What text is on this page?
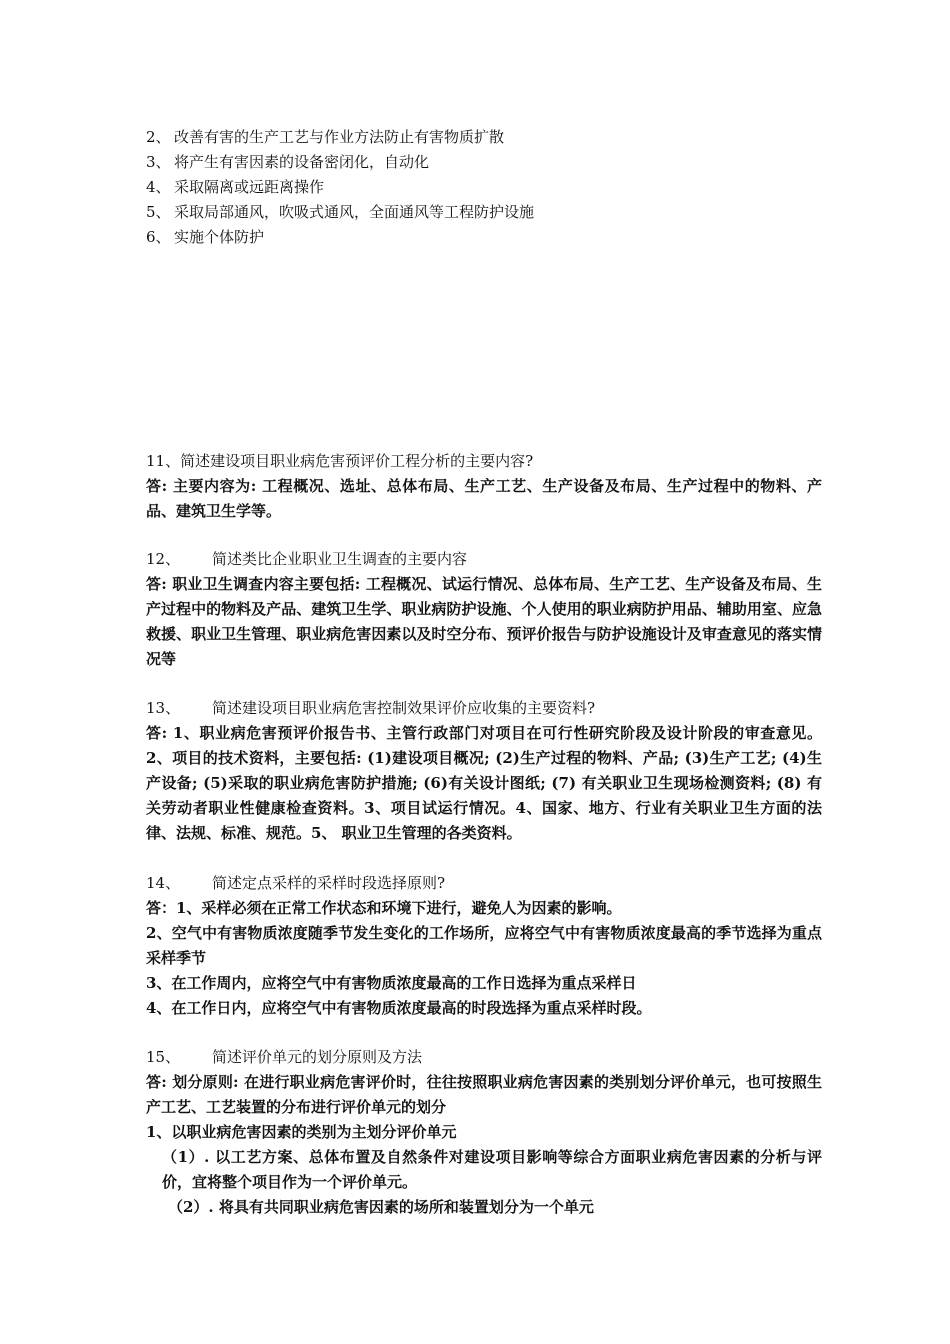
2、 改善有害的生产工艺与作业方法防止有害物质扩散
3、 将产生有害因素的设备密闭化，自动化
4、 采取隔离或远距离操作
5、 采取局部通风，吹吸式通风，全面通风等工程防护设施
6、 实施个体防护
11、简述建设项目职业病危害预评价工程分析的主要内容?
答: 主要内容为: 工程概况、选址、总体布局、生产工艺、生产设备及布局、生产过程中的物料、产品、建筑卫生学等。
12、 简述类比企业职业卫生调查的主要内容
答: 职业卫生调查内容主要包括: 工程概况、试运行情况、总体布局、生产工艺、生产设备及布局、生产过程中的物料及产品、建筑卫生学、职业病防护设施、个人使用的职业病防护用品、辅助用室、应急救援、职业卫生管理、职业病危害因素以及时空分布、预评价报告与防护设施设计及审查意见的落实情况等
13、 简述建设项目职业病危害控制效果评价应收集的主要资料?
答: 1、职业病危害预评价报告书、主管行政部门对项目在可行性研究阶段及设计阶段的审查意见。2、项目的技术资料，主要包括: (1)建设项目概况; (2)生产过程的物料、产品; (3)生产工艺; (4)生产设备; (5)采取的职业病危害防护措施; (6)有关设计图纸; (7) 有关职业卫生现场检测资料; (8) 有关劳动者职业性健康检查资料。3、项目试运行情况。4、国家、地方、行业有关职业卫生方面的法律、法规、标准、规范。5、 职业卫生管理的各类资料。
14、 简述定点采样的采样时段选择原则?

答：1、采样必须在正常工作状态和环境下进行，避免人为因素的影响。

2、空气中有害物质浓度随季节发生变化的工作场所，应将空气中有害物质浓度最高的季节选择为重点采样季节

3、在工作周内，应将空气中有害物质浓度最高的工作日选择为重点采样日

4、在工作日内，应将空气中有害物质浓度最高的时段选择为重点采样时段。

15、 简述评价单元的划分原则及方法

答: 划分原则: 在进行职业病危害评价时，往往按照职业病危害因素的类别划分评价单元，也可按照生产工艺、工艺装置的分布进行评价单元的划分

1、以职业病危害因素的类别为主划分评价单元

（1）. 以工艺方案、总体布置及自然条件对建设项目影响等综合方面职业病危害因素的分析与评价，宜将整个项目作为一个评价单元。

（2）. 将具有共同职业病危害因素的场所和装置划分为一个单元
